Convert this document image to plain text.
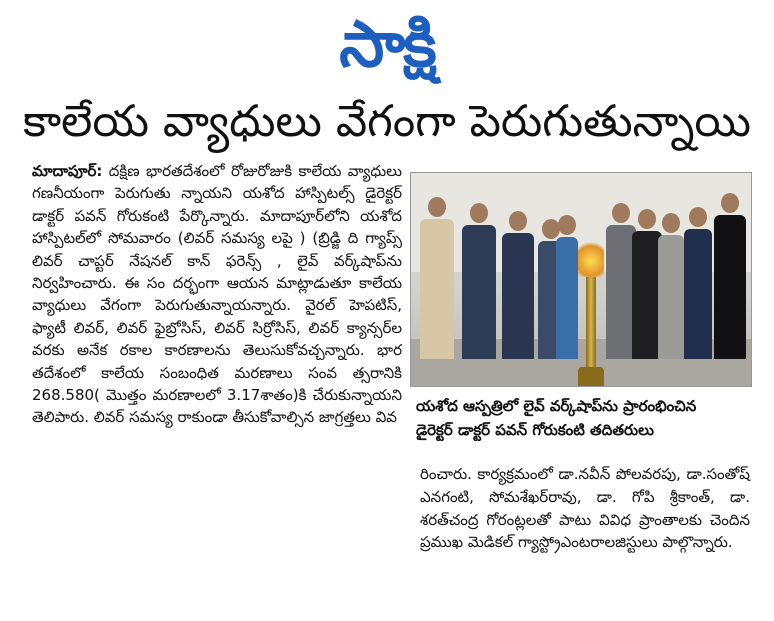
సాక్షి
కాలేయ వ్యాధులు వేగంగా పెరుగుతున్నాయి

మాదాపూర్: దక్షిణ భారతదేశంలో రోజురోజుకి కాలేయ వ్యాధులు గణనీయంగా పెరుగుతు న్నాయని యశోద హాస్పిటల్స్ డైరెక్టర్ డాక్టర్ పవన్ గోరుకంటి పేర్కొన్నారు. మాదాపూర్‌లోని యశోద హాస్పిటల్‌లో సోమవారం (లివర్ సమస్య లపై ) (బ్రిడ్జి ది గ్యాప్స్ లివర్ చాప్టర్ నేషనల్ కాన్ ఫరెన్స్ , లైవ్ వర్క్‌షాప్‌ను నిర్వహించారు. ఈ సం దర్భంగా ఆయన మాట్లాడుతూ కాలేయ వ్యాధులు వేగంగా పెరుగుతున్నాయన్నారు. వైరల్ హెపటిస్, ఫ్యాటీ లివర్, లివర్ ఫైబ్రోసిస్, లివర్ సిర్రోసిస్, లివర్ క్యాన్సర్‌ల వరకు అనేక రకాల కారణాలను తెలుసుకోవచ్చన్నారు. భార తదేశంలో కాలేయ సంబంధిత మరణాలు సంవ త్సరానికి 268.580( మొత్తం మరణాలలో 3.17శాతం)కి చేరుకున్నాయని తెలిపారు. లివర్ సమస్య రాకుండా తీసుకోవాల్సిన జాగ్రత్తలు వివ

యశోద ఆస్పత్రిలో లైవ్ వర్క్‌షాప్‌ను ప్రారంభించిన
డైరెక్టర్ డాక్టర్ పవన్ గోరుకంటి తదితరులు

రించారు. కార్యక్రమంలో డా.నవీన్ పోలవరపు, డా.సంతోష్ ఎనగంటి, సోమశేఖర్‌రావు, డా. గోపి శ్రీకాంత్, డా. శరత్‌చంద్ర గోరంట్లలతో పాటు వివిధ ప్రాంతాలకు చెందిన ప్రముఖ మెడికల్ గ్యాస్ట్రోఎంటరాలజిస్టులు పాల్గొన్నారు.
